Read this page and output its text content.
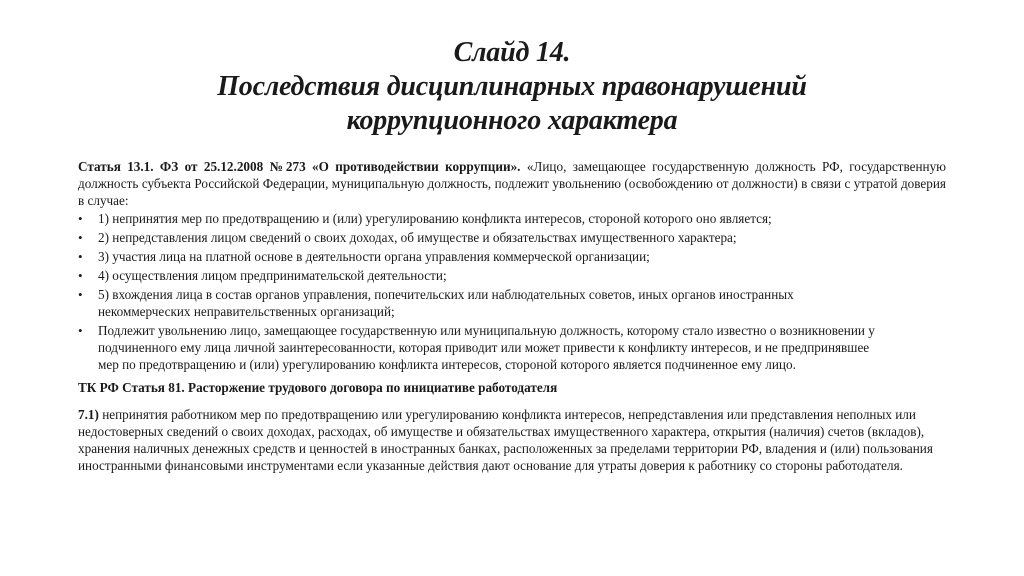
Слайд 14.
Последствия дисциплинарных правонарушений
коррупционного характера

Статья 13.1. ФЗ от 25.12.2008 №273 «О противодействии коррупции». «Лицо, замещающее государственную должность РФ, государственную должность субъекта Российской Федерации, муниципальную должность, подлежит увольнению (освобождению от должности) в связи с утратой доверия в случае:

• 1) непринятия мер по предотвращению и (или) урегулированию конфликта интересов, стороной которого оно является;
• 2) непредставления лицом сведений о своих доходах, об имуществе и обязательствах имущественного характера;
• 3) участия лица на платной основе в деятельности органа управления коммерческой организации;
• 4) осуществления лицом предпринимательской деятельности;
• 5) вхождения лица в состав органов управления, попечительских или наблюдательных советов, иных органов иностранных некоммерческих неправительственных организаций;
• Подлежит увольнению лицо, замещающее государственную или муниципальную должность, которому стало известно о возникновении у подчиненного ему лица личной заинтересованности, которая приводит или может привести к конфликту интересов, и не предпринявшее мер по предотвращению и (или) урегулированию конфликта интересов, стороной которого является подчиненное ему лицо.

ТК РФ Статья 81. Расторжение трудового договора по инициативе работодателя

7.1) непринятия работником мер по предотвращению или урегулированию конфликта интересов, непредставления или представления неполных или недостоверных сведений о своих доходах, расходах, об имуществе и обязательствах имущественного характера, открытия (наличия) счетов (вкладов), хранения наличных денежных средств и ценностей в иностранных банках, расположенных за пределами территории РФ, владения и (или) пользования иностранными финансовыми инструментами если указанные действия дают основание для утраты доверия к работнику со стороны работодателя.
